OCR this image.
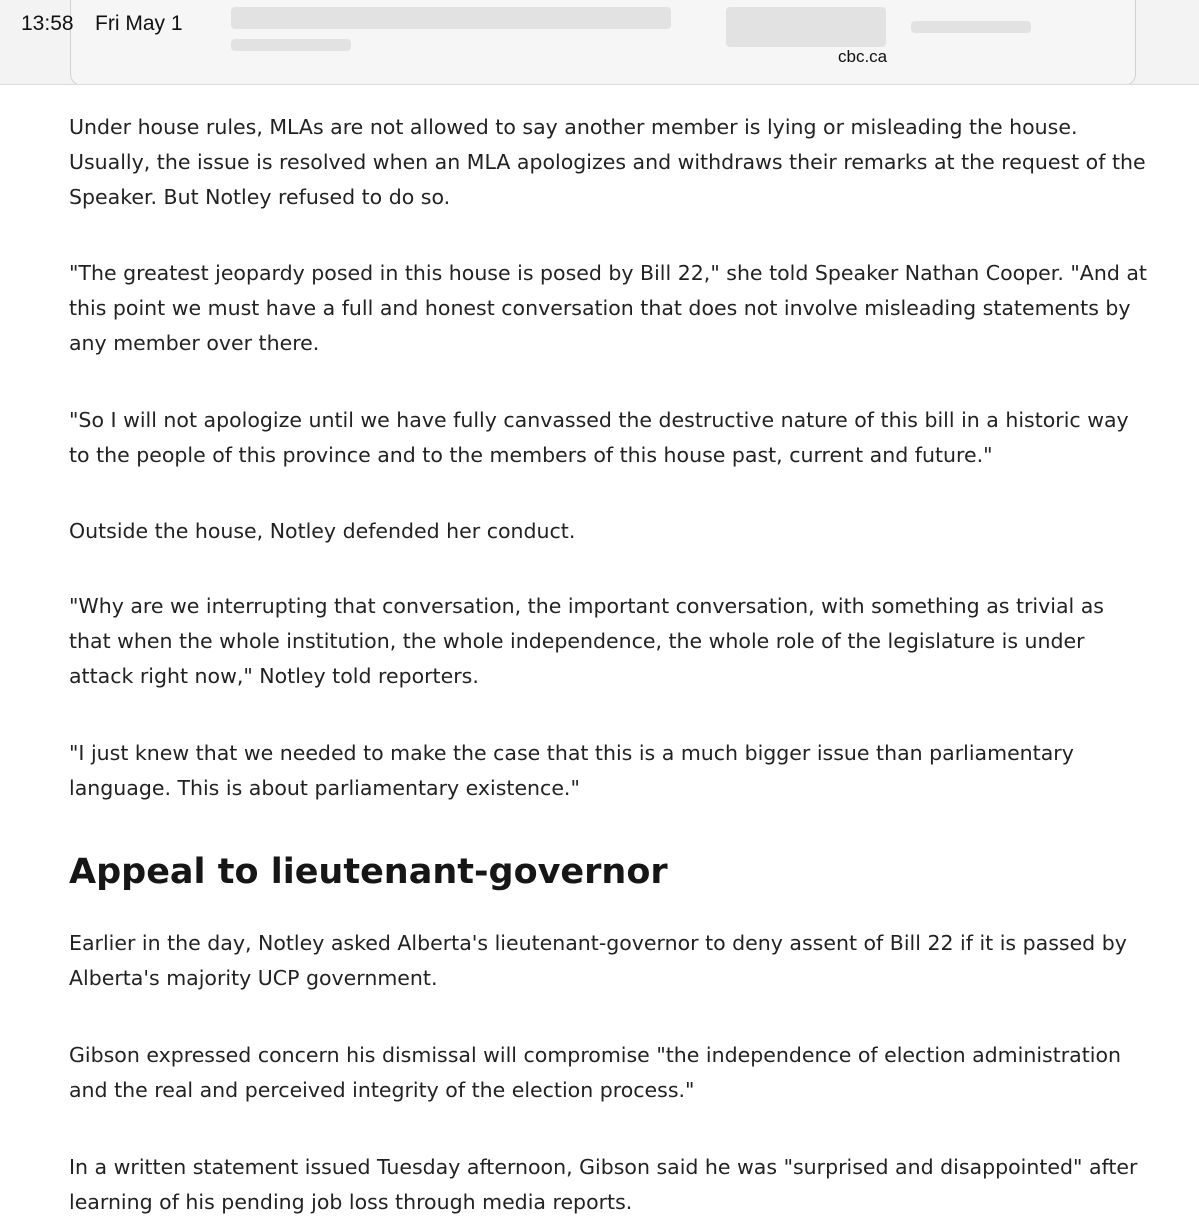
13:58 Fri May 1
cbc.ca

Under house rules, MLAs are not allowed to say another member is lying or misleading the house. Usually, the issue is resolved when an MLA apologizes and withdraws their remarks at the request of the Speaker. But Notley refused to do so.

"The greatest jeopardy posed in this house is posed by Bill 22," she told Speaker Nathan Cooper. "And at this point we must have a full and honest conversation that does not involve misleading statements by any member over there.

"So I will not apologize until we have fully canvassed the destructive nature of this bill in a historic way to the people of this province and to the members of this house past, current and future."

Outside the house, Notley defended her conduct.

"Why are we interrupting that conversation, the important conversation, with something as trivial as that when the whole institution, the whole independence, the whole role of the legislature is under attack right now," Notley told reporters.

"I just knew that we needed to make the case that this is a much bigger issue than parliamentary language. This is about parliamentary existence."

Appeal to lieutenant-governor

Earlier in the day, Notley asked Alberta's lieutenant-governor to deny assent of Bill 22 if it is passed by Alberta's majority UCP government.

Gibson expressed concern his dismissal will compromise "the independence of election administration and the real and perceived integrity of the election process."

In a written statement issued Tuesday afternoon, Gibson said he was "surprised and disappointed" after learning of his pending job loss through media reports.
